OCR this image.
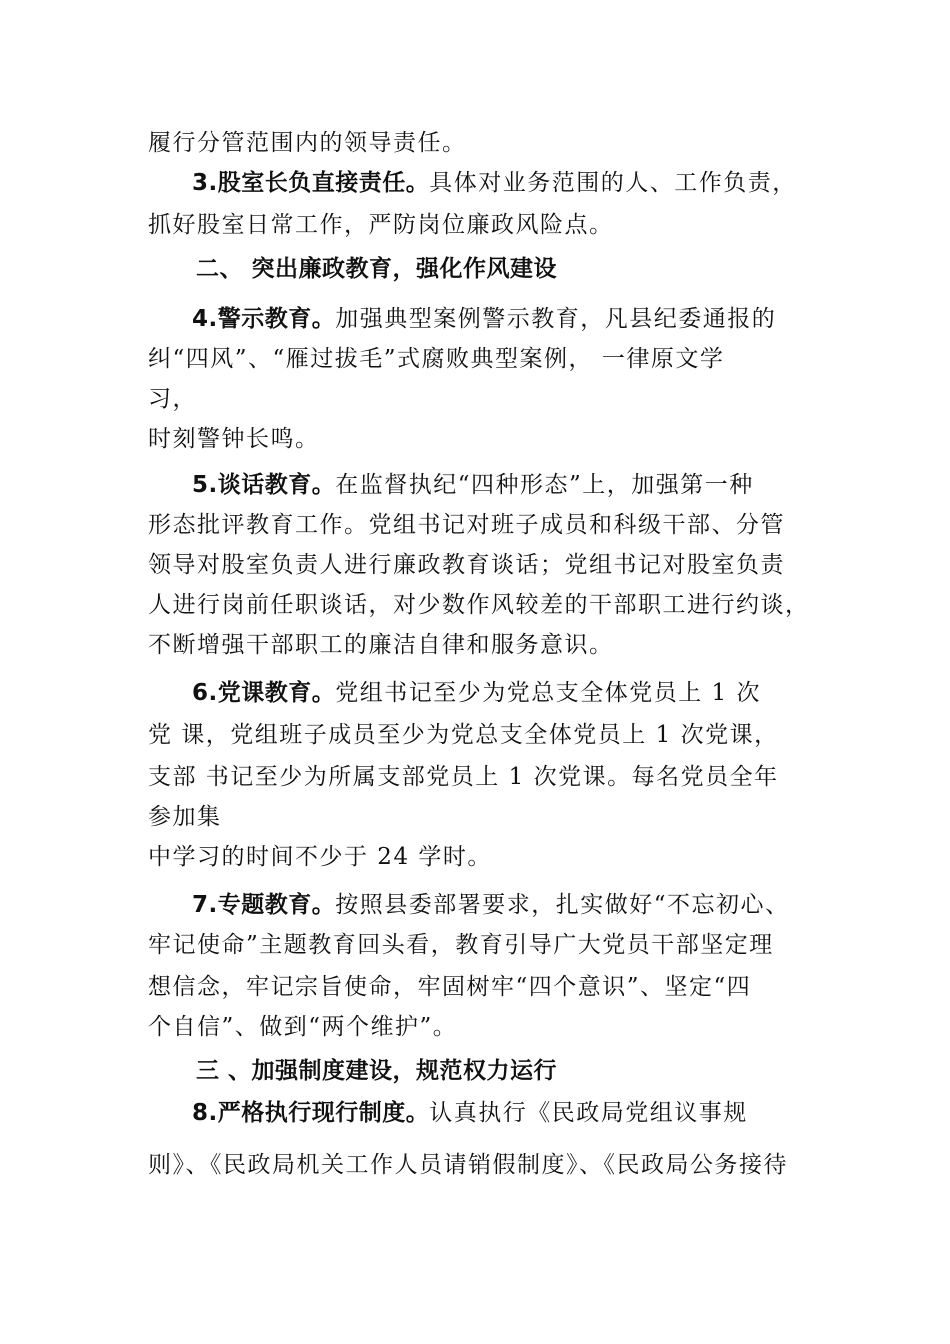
履行分管范围内的领导责任。
3.股室长负直接责任。具体对业务范围的人、工作负责，
抓好股室日常工作，严防岗位廉政风险点。
二、 突出廉政教育，强化作风建设
4.警示教育。加强典型案例警示教育，凡县纪委通报的
纠“四风”、“雁过拔毛”式腐败典型案例， 一律原文学
习，
时刻警钟长鸣。
5.谈话教育。在监督执纪“四种形态”上，加强第一种
形态批评教育工作。党组书记对班子成员和科级干部、分管
领导对股室负责人进行廉政教育谈话；党组书记对股室负责
人进行岗前任职谈话，对少数作风较差的干部职工进行约谈，
不断增强干部职工的廉洁自律和服务意识。
6.党课教育。党组书记至少为党总支全体党员上 1 次
党 课，党组班子成员至少为党总支全体党员上 1 次党课，
支部 书记至少为所属支部党员上 1 次党课。每名党员全年
参加集
中学习的时间不少于 24 学时。
7.专题教育。按照县委部署要求，扎实做好“不忘初心、
牢记使命”主题教育回头看，教育引导广大党员干部坚定理
想信念，牢记宗旨使命，牢固树牢“四个意识”、坚定“四
个自信”、做到“两个维护”。
三 、加强制度建设，规范权力运行
8.严格执行现行制度。认真执行《民政局党组议事规
则》、《民政局机关工作人员请销假制度》、《民政局公务接待
